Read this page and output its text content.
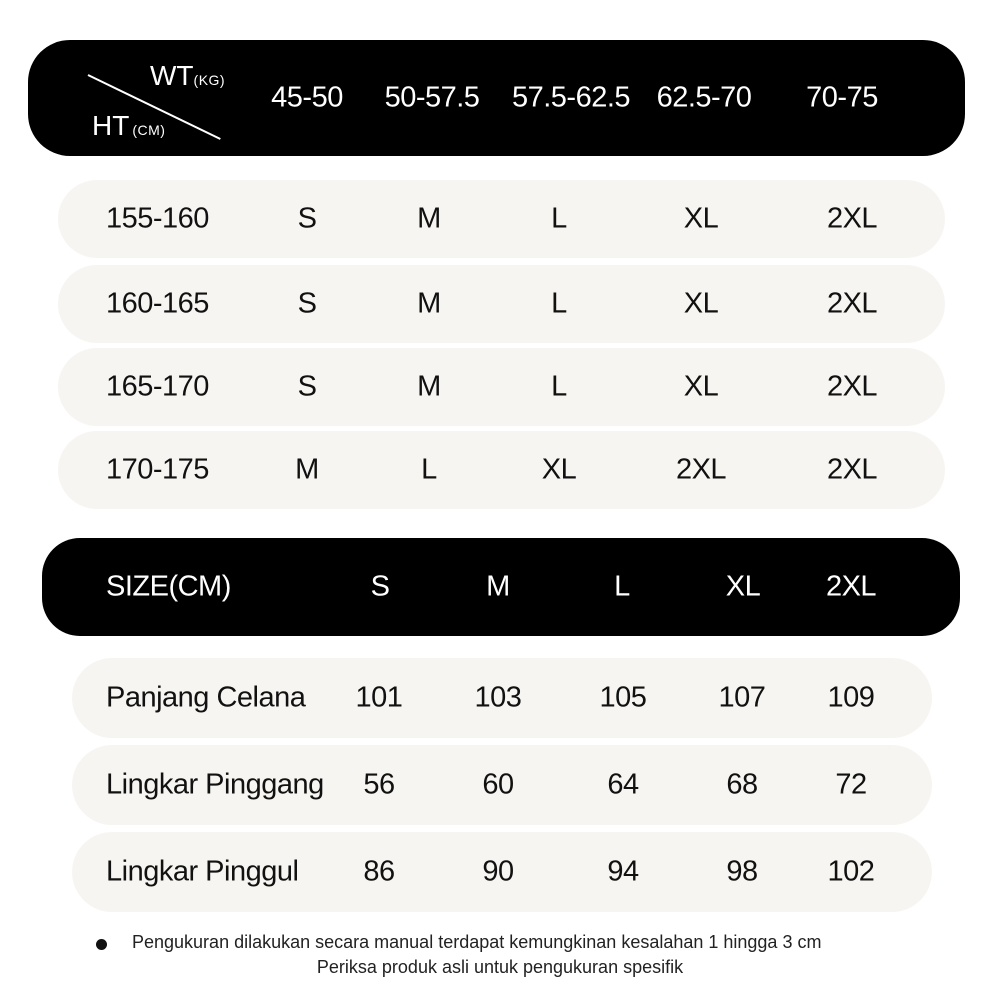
45-50 50-57.5 57.5-62.5 62.5-70 70-75
WT(KG)
HT (CM)
155-160	S	M	L	XL	2XL
160-165	S	M	L	XL	2XL
165-170	S	M	L	XL	2XL
170-175	M	L	XL	2XL	2XL
SIZE(CM)	S	M	L	XL 2XL
Panjang Celana 101 103	105 107 109
Lingkar Pinggang 56	60	64	68	72
Lingkar Pinggul 86	90	94	98 102
Pengukuran dilakukan secara manual terdapat kemungkinan kesalahan 1 hingga 3 cm
Periksa produk asli untuk pengukuran spesifik
